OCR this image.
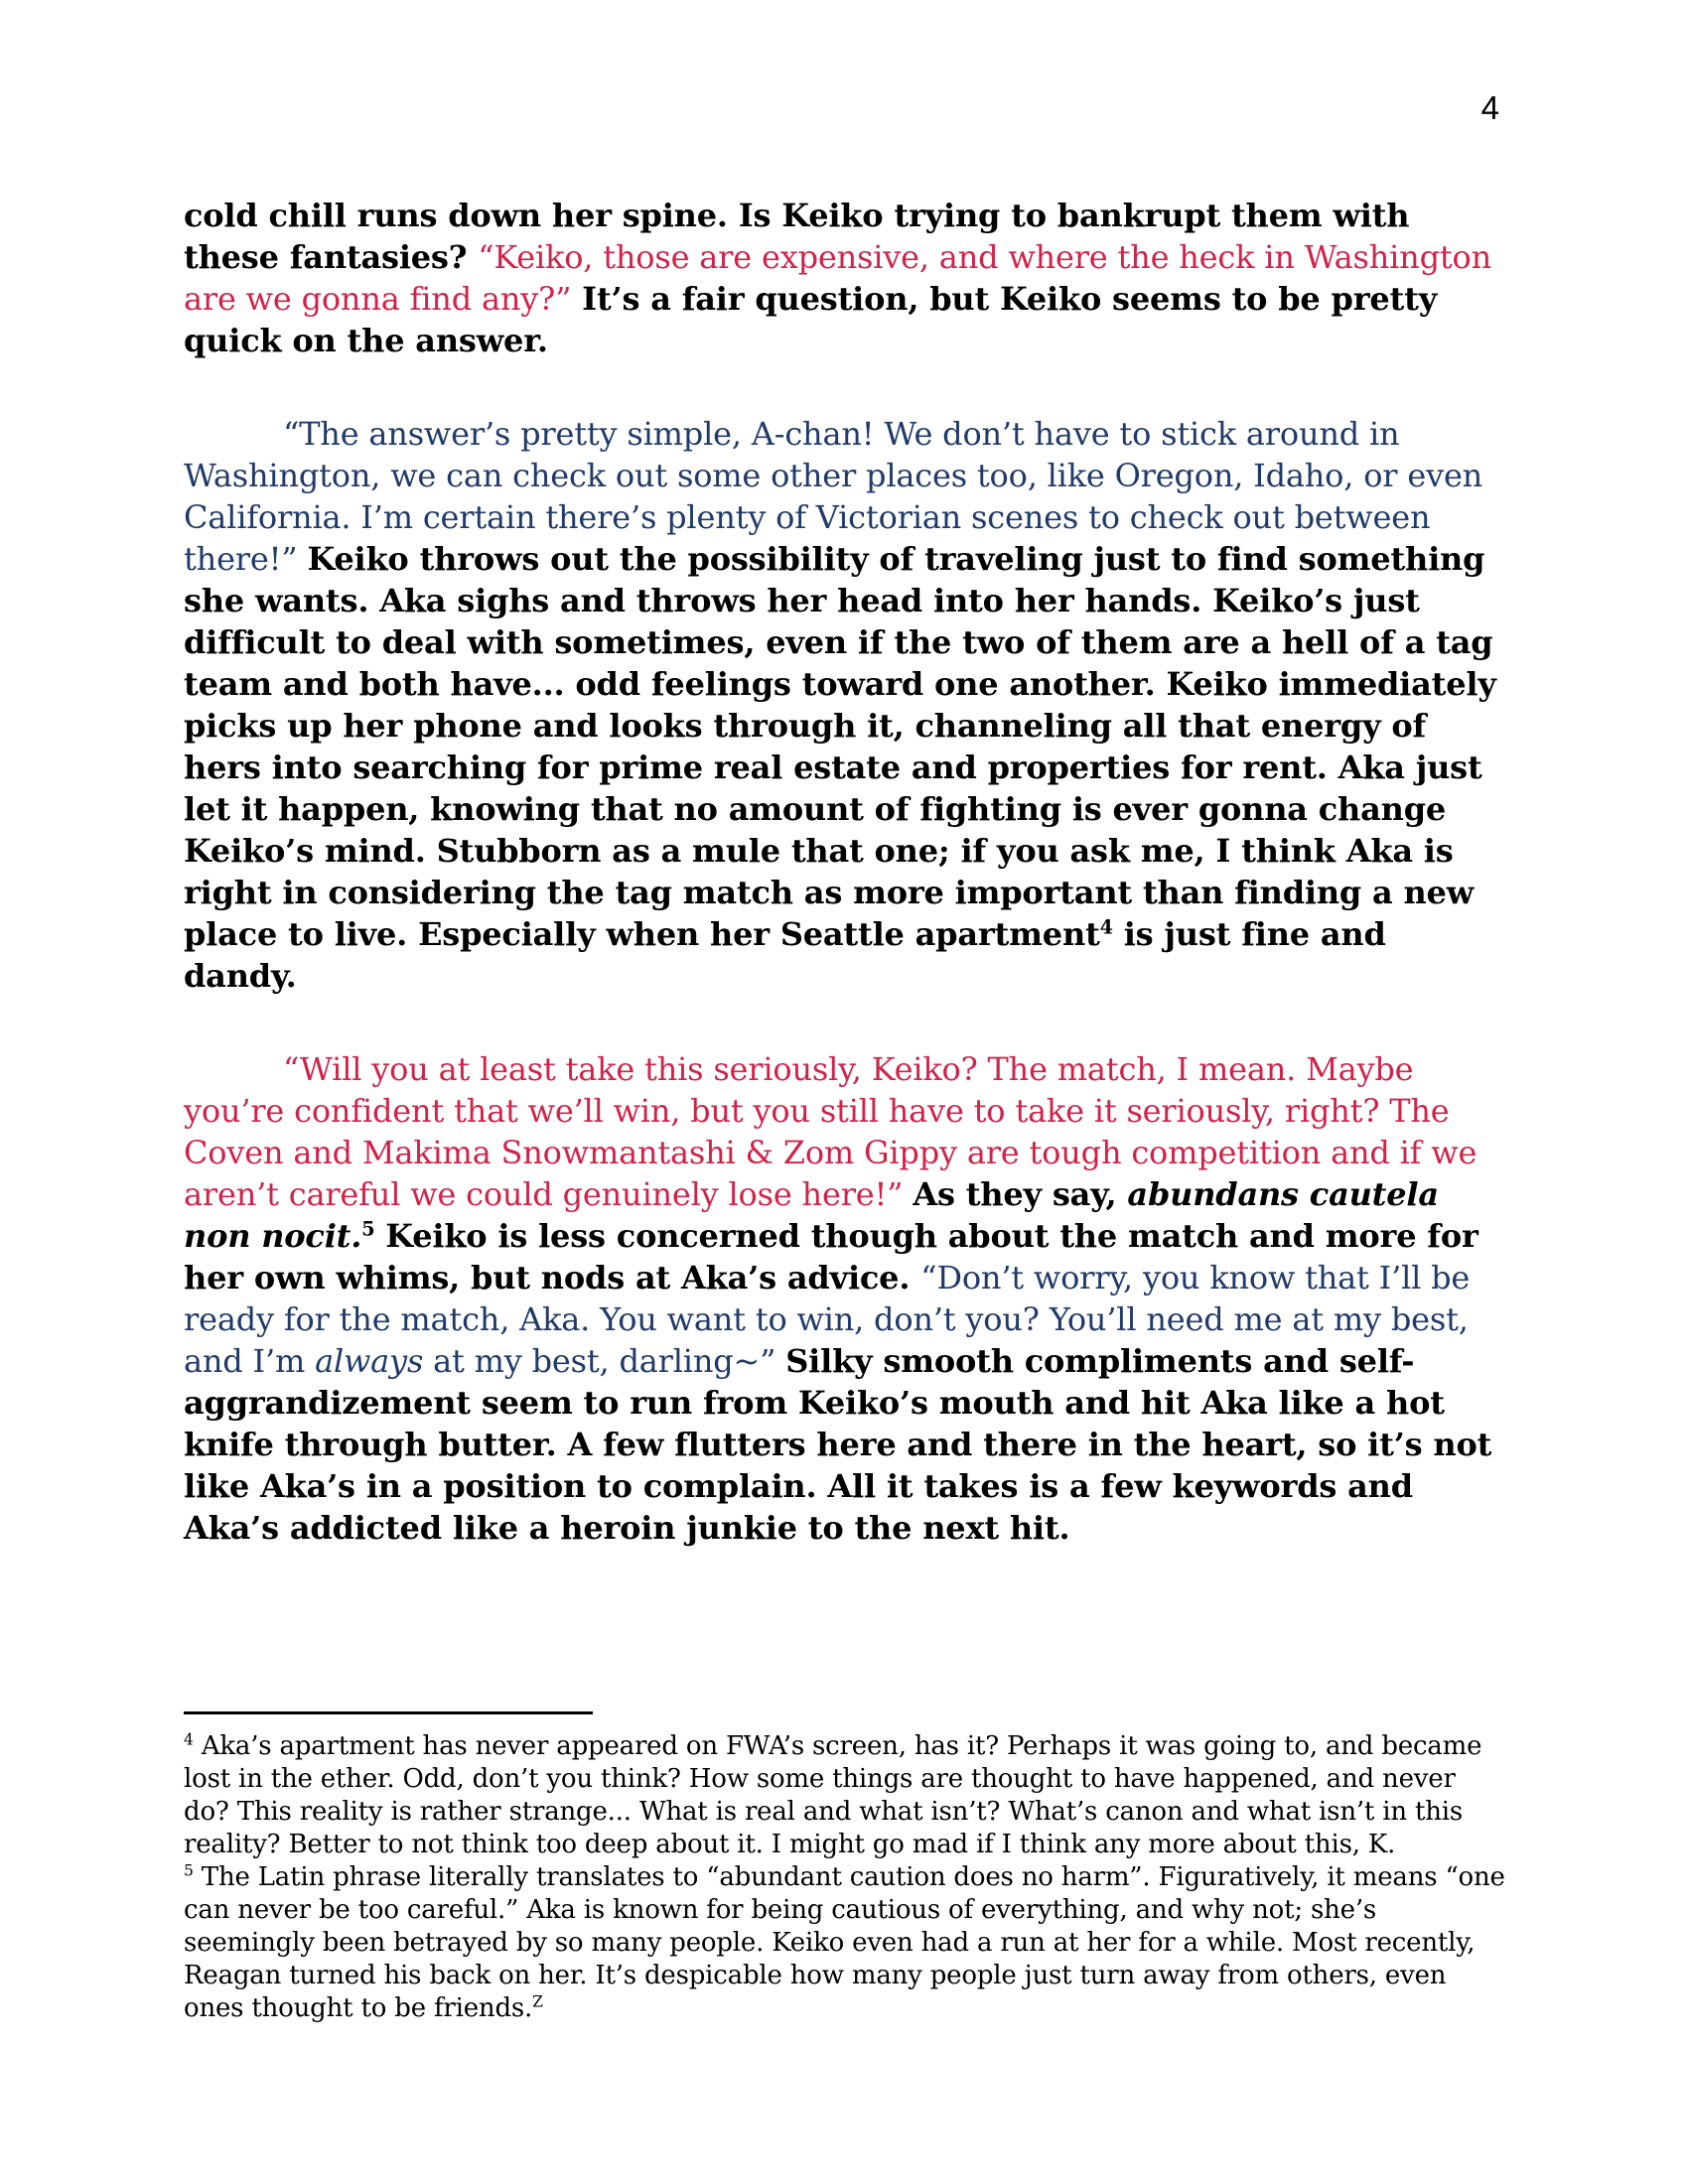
4

cold chill runs down her spine. Is Keiko trying to bankrupt them with these fantasies? “Keiko, those are expensive, and where the heck in Washington are we gonna find any?” It’s a fair question, but Keiko seems to be pretty quick on the answer.

“The answer’s pretty simple, A-chan! We don’t have to stick around in Washington, we can check out some other places too, like Oregon, Idaho, or even California. I’m certain there’s plenty of Victorian scenes to check out between there!” Keiko throws out the possibility of traveling just to find something she wants. Aka sighs and throws her head into her hands. Keiko’s just difficult to deal with sometimes, even if the two of them are a hell of a tag team and both have... odd feelings toward one another. Keiko immediately picks up her phone and looks through it, channeling all that energy of hers into searching for prime real estate and properties for rent. Aka just let it happen, knowing that no amount of fighting is ever gonna change Keiko’s mind. Stubborn as a mule that one; if you ask me, I think Aka is right in considering the tag match as more important than finding a new place to live. Especially when her Seattle apartment$^4$ is just fine and dandy.

“Will you at least take this seriously, Keiko? The match, I mean. Maybe you’re confident that we’ll win, but you still have to take it seriously, right? The Coven and Makima Snowmantashi & Zom Gippy are tough competition and if we aren’t careful we could genuinely lose here!” As they say, abundans cautela non nocit.$^5$ Keiko is less concerned though about the match and more for her own whims, but nods at Aka’s advice. “Don’t worry, you know that I’ll be ready for the match, Aka. You want to win, don’t you? You’ll need me at my best, and I’m always at my best, darling~” Silky smooth compliments and self-aggrandizement seem to run from Keiko’s mouth and hit Aka like a hot knife through butter. A few flutters here and there in the heart, so it’s not like Aka’s in a position to complain. All it takes is a few keywords and Aka’s addicted like a heroin junkie to the next hit.

$^4$ Aka’s apartment has never appeared on FWA’s screen, has it? Perhaps it was going to, and became lost in the ether. Odd, don’t you think? How some things are thought to have happened, and never do? This reality is rather strange... What is real and what isn’t? What’s canon and what isn’t in this reality? Better to not think too deep about it. I might go mad if I think any more about this, K.

$^5$ The Latin phrase literally translates to “abundant caution does no harm”. Figuratively, it means “one can never be too careful.” Aka is known for being cautious of everything, and why not; she’s seemingly been betrayed by so many people. Keiko even had a run at her for a while. Most recently, Reagan turned his back on her. It’s despicable how many people just turn away from others, even ones thought to be friends.$^Z$
